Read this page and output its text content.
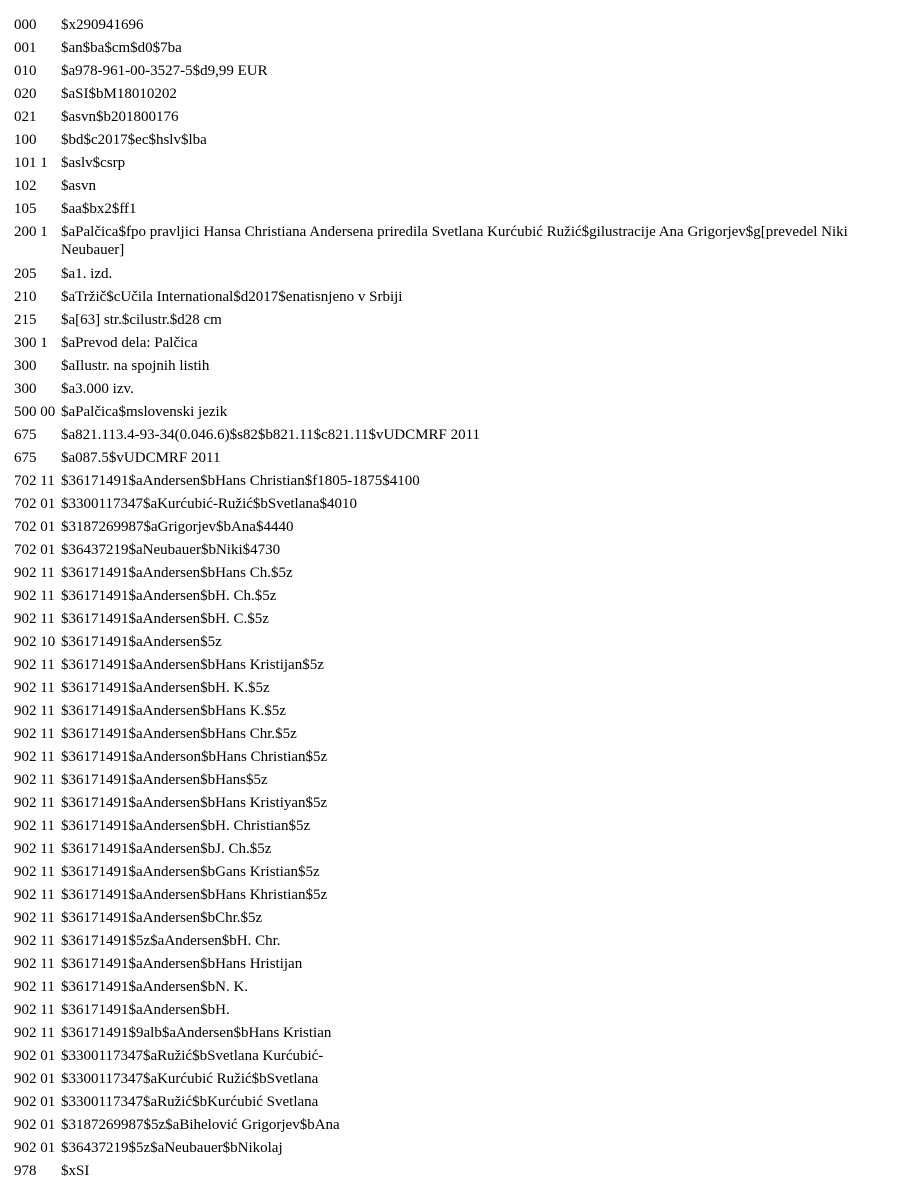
000	$x290941696
001	$an$ba$cm$d0$7ba
010	$a978-961-00-3527-5$d9,99 EUR
020	$aSI$bM18010202
021	$asvn$b201800176
100	$bd$c2017$ec$hslv$lba
101 1 $aslv$csrp
102	$asvn
105	$aa$bx2$ff1
200 1 $aPalčica$fpo pravljici Hansa Christiana Andersena priredila Svetlana Kurćubić Ružić$gilustracije Ana Grigorjev$g[prevedel Niki Neubauer]
205	$a1. izd.
210	$aTržič$cUčila International$d2017$enatisnjeno v Srbiji
215	$a[63] str.$cilustr.$d28 cm
300 1 $aPrevod dela: Palčica
300	$aIlustr. na spojnih listih
300	$a3.000 izv.
500 00 $aPalčica$mslovenski jezik
675	$a821.113.4-93-34(0.046.6)$s82$b821.11$c821.11$vUDCMRF 2011
675	$a087.5$vUDCMRF 2011
702 11 $36171491$aAndersen$bHans Christian$f1805-1875$4100
702 01 $3300117347$aKurćubić-Ružić$bSvetlana$4010
702 01 $3187269987$aGrigorjev$bAna$4440
702 01 $36437219$aNeubauer$bNiki$4730
902 11 $36171491$aAndersen$bHans Ch.$5z
902 11 $36171491$aAndersen$bH. Ch.$5z
902 11 $36171491$aAndersen$bH. C.$5z
902 10 $36171491$aAndersen$5z
902 11 $36171491$aAndersen$bHans Kristijan$5z
902 11 $36171491$aAndersen$bH. K.$5z
902 11 $36171491$aAndersen$bHans K.$5z
902 11 $36171491$aAndersen$bHans Chr.$5z
902 11 $36171491$aAnderson$bHans Christian$5z
902 11 $36171491$aAndersen$bHans$5z
902 11 $36171491$aAndersen$bHans Kristiyan$5z
902 11 $36171491$aAndersen$bH. Christian$5z
902 11 $36171491$aAndersen$bJ. Ch.$5z
902 11 $36171491$aAndersen$bGans Kristian$5z
902 11 $36171491$aAndersen$bHans Khristian$5z
902 11 $36171491$aAndersen$bChr.$5z
902 11 $36171491$5z$aAndersen$bH. Chr.
902 11 $36171491$aAndersen$bHans Hristijan
902 11 $36171491$aAndersen$bN. K.
902 11 $36171491$aAndersen$bH.
902 11 $36171491$9alb$aAndersen$bHans Kristian
902 01 $3300117347$aRužić$bSvetlana Kurćubić-
902 01 $3300117347$aKurćubić Ružić$bSvetlana
902 01 $3300117347$aRužić$bKurćubić Svetlana
902 01 $3187269987$5z$aBihelović Grigorjev$bAna
902 01 $36437219$5z$aNeubauer$bNikolaj
978	$xSI
